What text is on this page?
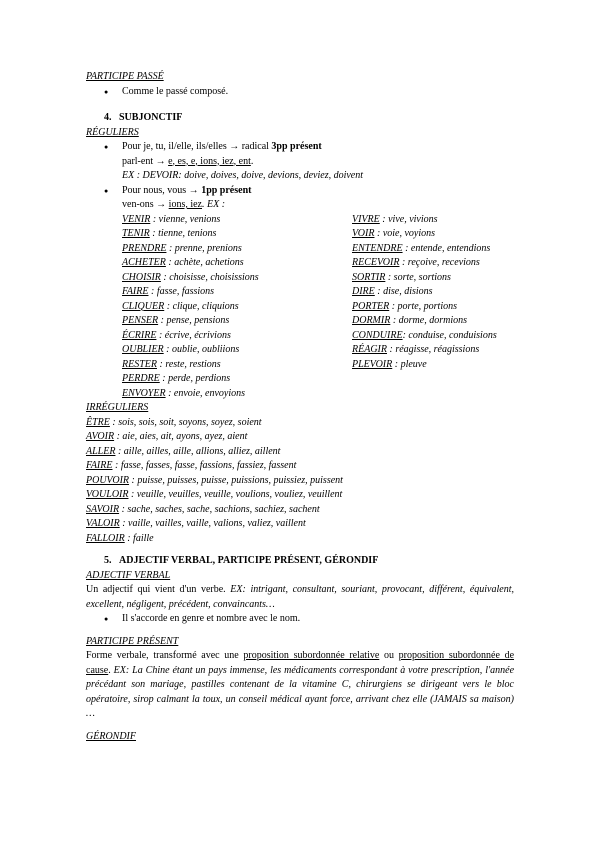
PARTICIPE PASSÉ

● Comme le passé composé.

4. SUBJONCTIF

RÉGULIERS

● Pour je, tu, il/elle, ils/elles → radical 3pp présent

parl-ent → e, es, e, ions, iez, ent.

EX : DEVOIR: doive, doives, doive, devions, deviez, doivent

● Pour nous, vous → 1pp présent

ven-ons → ions, iez. EX :

VENIR : vienne, venions
TENIR : tienne, tenions
PRENDRE : prenne, prenions
ACHETER : achète, achetions
CHOISIR : choisisse, choisissions
FAIRE : fasse, fassions
CLIQUER : clique, cliquions
PENSER : pense, pensions
ÉCRIRE : écrive, écrivions
OUBLIER : oublie, oubliions
RESTER : reste, restions
PERDRE : perde, perdions
ENVOYER : envoie, envoyions
VIVRE : vive, vivions
VOIR : voie, voyions
ENTENDRE : entende, entendions
RECEVOIR : reçoive, recevions
SORTIR : sorte, sortions
DIRE : dise, disions
PORTER : porte, portions
DORMIR : dorme, dormions
CONDUIRE: conduise, conduisions
RÉAGIR : réagisse, réagissions
PLEVOIR : pleuve

IRRÉGULIERS

ÊTRE : sois, sois, soit, soyons, soyez, soient
AVOIR : aie, aies, ait, ayons, ayez, aient
ALLER : aille, ailles, aille, allions, alliez, aillent
FAIRE : fasse, fasses, fasse, fassions, fassiez, fassent
POUVOIR : puisse, puisses, puisse, puissions, puissiez, puissent
VOULOIR : veuille, veuilles, veuille, voulions, vouliez, veuillent
SAVOIR : sache, saches, sache, sachions, sachiez, sachent
VALOIR : vaille, vailles, vaille, valions, valiez, vaillent
FALLOIR : faille

5. ADJECTIF VERBAL, PARTICIPE PRÉSENT, GÉRONDIF

ADJECTIF VERBAL

Un adjectif qui vient d'un verbe. EX: intrigant, consultant, souriant, provocant, différent, équivalent, excellent, négligent, précédent, convaincants…

● Il s'accorde en genre et nombre avec le nom.

PARTICIPE PRÉSENT

Forme verbale, transformé avec une proposition subordonnée relative ou proposition subordonnée de cause. EX: La Chine étant un pays immense, les médicaments correspondant à votre prescription, l'année précédant son mariage, pastilles contenant de la vitamine C, chirurgiens se dirigeant vers le bloc opératoire, sirop calmant la toux, un conseil médical ayant force, arrivant chez elle (JAMAIS sa maison) …

GÉRONDIF
